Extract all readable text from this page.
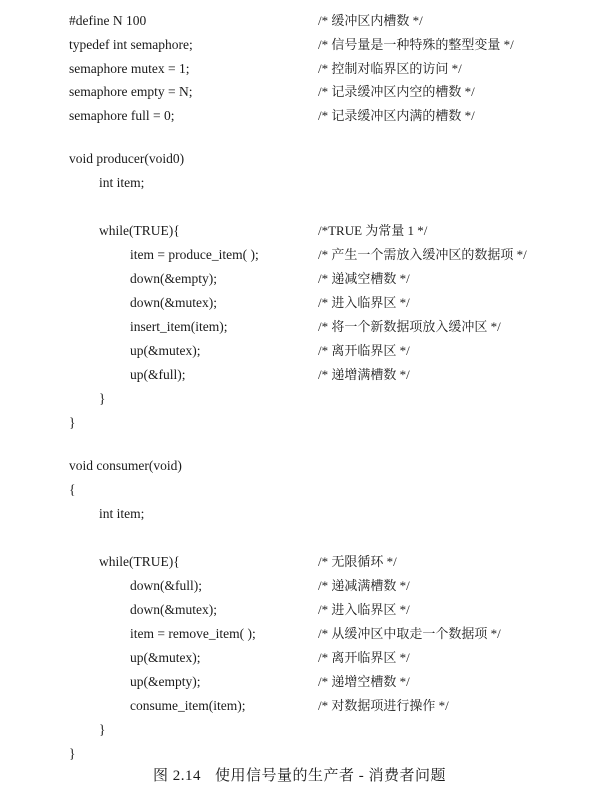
#define N 100	/* 缓冲区内槽数 */
typedef int semaphore;	/* 信号量是一种特殊的整型变量 */
semaphore mutex = 1;	/* 控制对临界区的访问 */
semaphore empty = N;	/* 记录缓冲区内空的槽数 */
semaphore full = 0;	/* 记录缓冲区内满的槽数 */
void producer(void0)
int item;
while(TRUE){	/*TRUE 为常量 1 */
item = produce_item( );	/* 产生一个需放入缓冲区的数据项 */
down(&empty);	/* 递减空槽数 */
down(&mutex);	/* 进入临界区 */
insert_item(item);	/* 将一个新数据项放入缓冲区 */
up(&mutex);	/* 离开临界区 */
up(&full);	/* 递增满槽数 */
}
}
void consumer(void)
{
int item;
while(TRUE){	/* 无限循环 */
down(&full);	/* 递减满槽数 */
down(&mutex);	/* 进入临界区 */
item = remove_item( );	/* 从缓冲区中取走一个数据项 */
up(&mutex);	/* 离开临界区 */
up(&empty);	/* 递增空槽数 */
consume_item(item);	/* 对数据项进行操作 */
}
}
图 2.14 使用信号量的生产者 - 消费者问题
